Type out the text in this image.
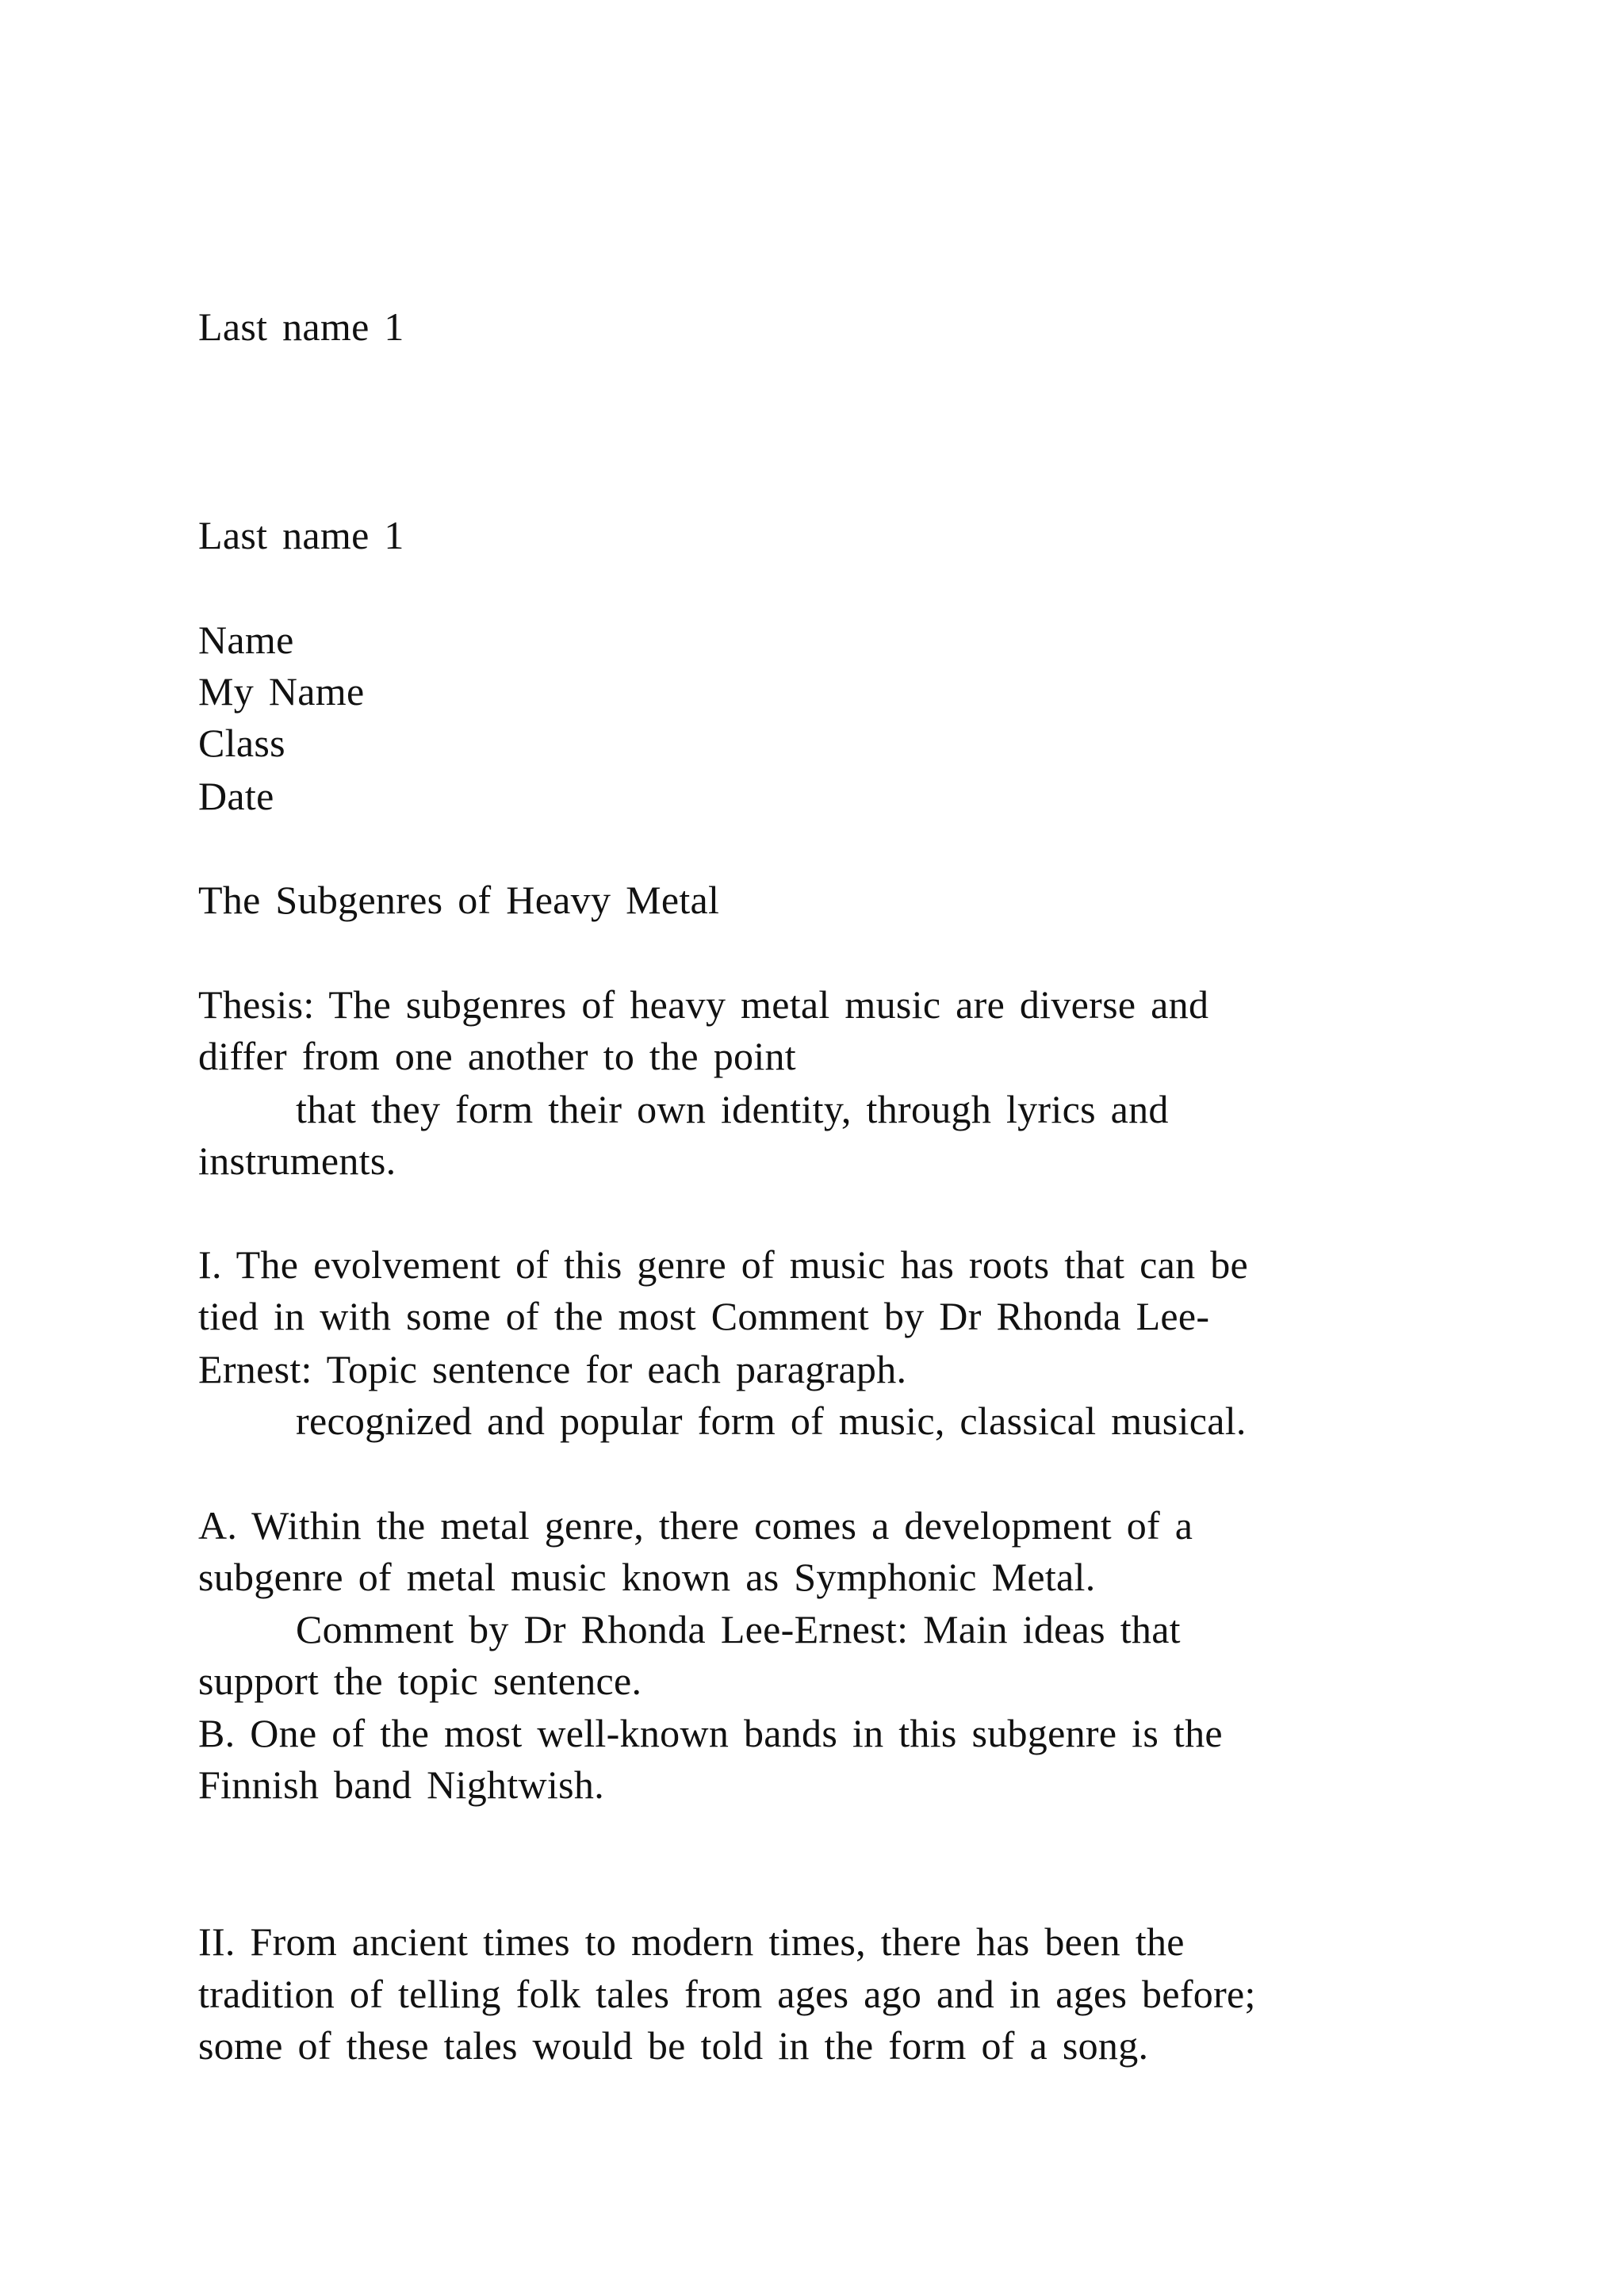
Last name 1
Last name 1
Name
My Name
Class
Date
The Subgenres of Heavy Metal
Thesis: The subgenres of heavy metal music are diverse and
differ from one another to the point
that they form their own identity, through lyrics and
instruments.
I. The evolvement of this genre of music has roots that can be
tied in with some of the most Comment by Dr Rhonda Lee-
Ernest: Topic sentence for each paragraph.
recognized and popular form of music, classical musical.
A. Within the metal genre, there comes a development of a
subgenre of metal music known as Symphonic Metal.
Comment by Dr Rhonda Lee-Ernest: Main ideas that
support the topic sentence.
B. One of the most well-known bands in this subgenre is the
Finnish band Nightwish.
II. From ancient times to modern times, there has been the
tradition of telling folk tales from ages ago and in ages before;
some of these tales would be told in the form of a song.
